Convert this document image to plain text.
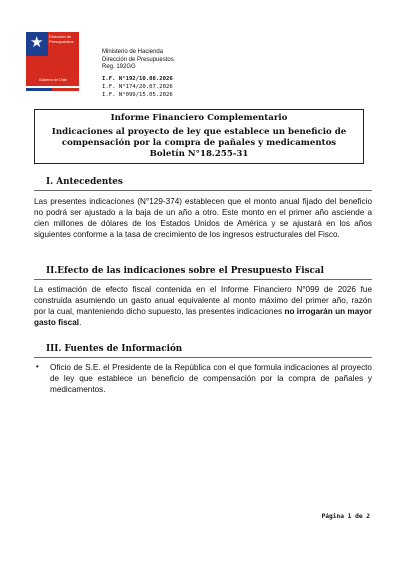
★ Dirección de Presupuestos
Gobierno de Chile
Ministerio de Hacienda
Dirección de Presupuestos
Reg. 192GG
I.F. N°192/10.08.2026
I.F. N°174/20.07.2026
I.F. N°099/15.05.2026
Informe Financiero Complementario
Indicaciones al proyecto de ley que establece un beneficio de
compensación por la compra de pañales y medicamentos
Boletín N°18.255-31
I. Antecedentes
Las presentes indicaciones (N°129-374) establecen que el monto anual fijado del beneficio no podrá ser ajustado a la baja de un año a otro. Este monto en el primer año asciende a cien millones de dólares de los Estados Unidos de América y se ajustará en los años siguientes conforme a la tasa de crecimiento de los ingresos estructurales del Fisco.
II.Efecto de las indicaciones sobre el Presupuesto Fiscal
La estimación de efecto fiscal contenida en el Informe Financiero N°099 de 2026 fue construida asumiendo un gasto anual equivalente al monto máximo del primer año, razón por la cual, manteniendo dicho supuesto, las presentes indicaciones no irrogarán un mayor gasto fiscal.
III. Fuentes de Información
• Oficio de S.E. el Presidente de la República con el que formula indicaciones al proyecto de ley que establece un beneficio de compensación por la compra de pañales y medicamentos.
Página 1 de 2
